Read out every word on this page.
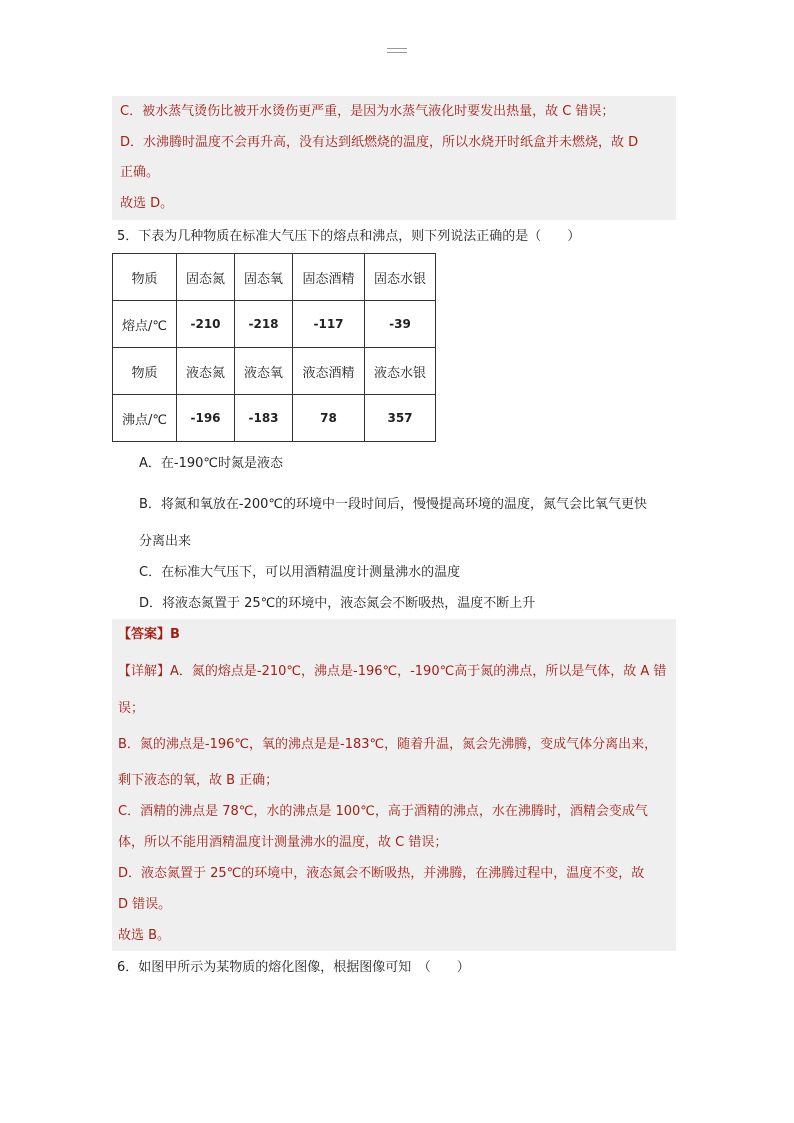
C．被水蒸气烫伤比被开水烫伤更严重，是因为水蒸气液化时要发出热量，故 C 错误；
D．水沸腾时温度不会再升高，没有达到纸燃烧的温度，所以水烧开时纸盒并未燃烧，故 D
正确。
故选 D。
5．下表为几种物质在标准大气压下的熔点和沸点，则下列说法正确的是（　　）
物质	固态氮	固态氧	固态酒精	固态水银
熔点/℃	-210	-218	-117	-39
物质	液态氮	液态氧	液态酒精	液态水银
沸点/℃	-196	-183	78	357
A．在-190℃时氮是液态
B．将氮和氧放在-200℃的环境中一段时间后，慢慢提高环境的温度，氮气会比氧气更快
分离出来
C．在标准大气压下，可以用酒精温度计测量沸水的温度
D．将液态氮置于 25℃的环境中，液态氮会不断吸热，温度不断上升
【答案】B
【详解】A．氮的熔点是-210℃，沸点是-196℃，-190℃高于氮的沸点，所以是气体，故 A 错
误；
B．氮的沸点是-196℃，氧的沸点是是-183℃，随着升温，氮会先沸腾，变成气体分离出来，
剩下液态的氧，故 B 正确；
C．酒精的沸点是 78℃，水的沸点是 100℃，高于酒精的沸点，水在沸腾时，酒精会变成气
体，所以不能用酒精温度计测量沸水的温度，故 C 错误；
D．液态氮置于 25℃的环境中，液态氮会不断吸热，并沸腾，在沸腾过程中，温度不变，故
D 错误。
故选 B。
6．如图甲所示为某物质的熔化图像，根据图像可知　（　　）
